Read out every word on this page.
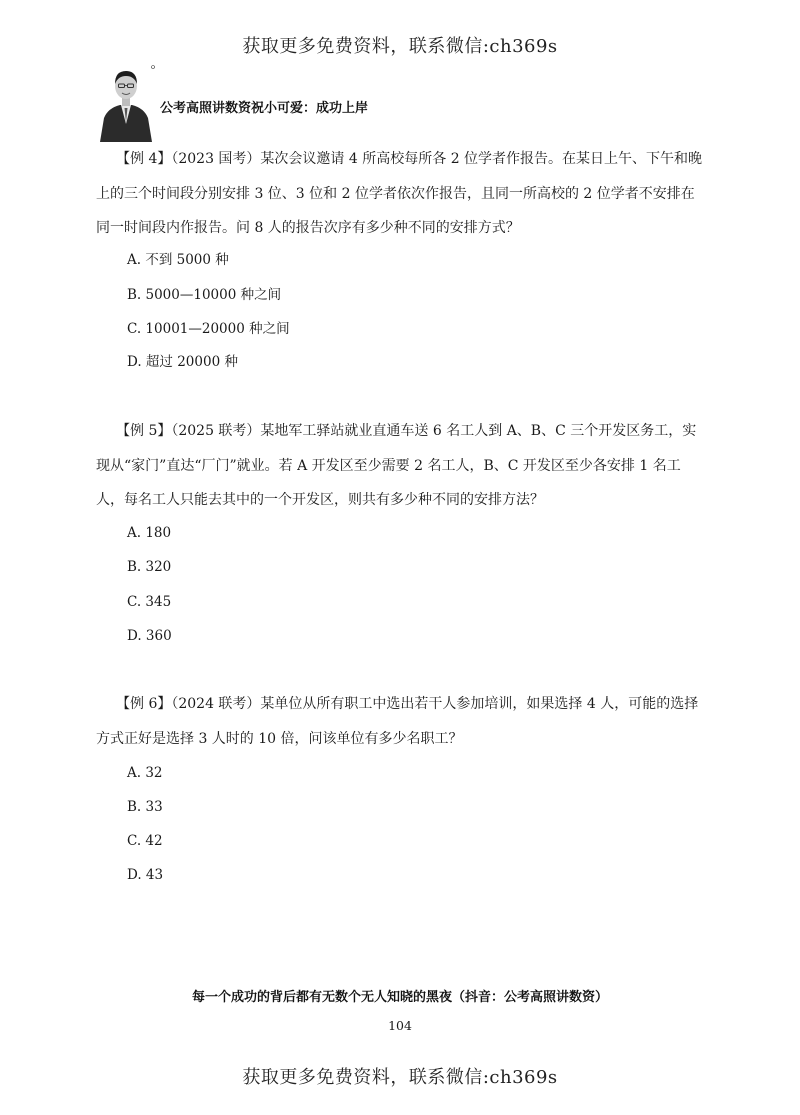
获取更多免费资料，联系微信:ch369s
公考高照讲数资祝小可爱：成功上岸

【例 4】（2023 国考）某次会议邀请 4 所高校每所各 2 位学者作报告。在某日上午、下午和晚上的三个时间段分别安排 3 位、3 位和 2 位学者依次作报告，且同一所高校的 2 位学者不安排在同一时间段内作报告。问 8 人的报告次序有多少种不同的安排方式？

A. 不到 5000 种
B. 5000—10000 种之间
C. 10001—20000 种之间
D. 超过 20000 种

【例 5】（2025 联考）某地军工驿站就业直通车送 6 名工人到 A、B、C 三个开发区务工，实现从“家门”直达“厂门”就业。若 A 开发区至少需要 2 名工人，B、C 开发区至少各安排 1 名工人，每名工人只能去其中的一个开发区，则共有多少种不同的安排方法？

A. 180
B. 320
C. 345
D. 360

【例 6】（2024 联考）某单位从所有职工中选出若干人参加培训，如果选择 4 人，可能的选择方式正好是选择 3 人时的 10 倍，问该单位有多少名职工？

A. 32
B. 33
C. 42
D. 43
每一个成功的背后都有无数个无人知晓的黑夜（抖音：公考高照讲数资）
104
获取更多免费资料，联系微信:ch369s
